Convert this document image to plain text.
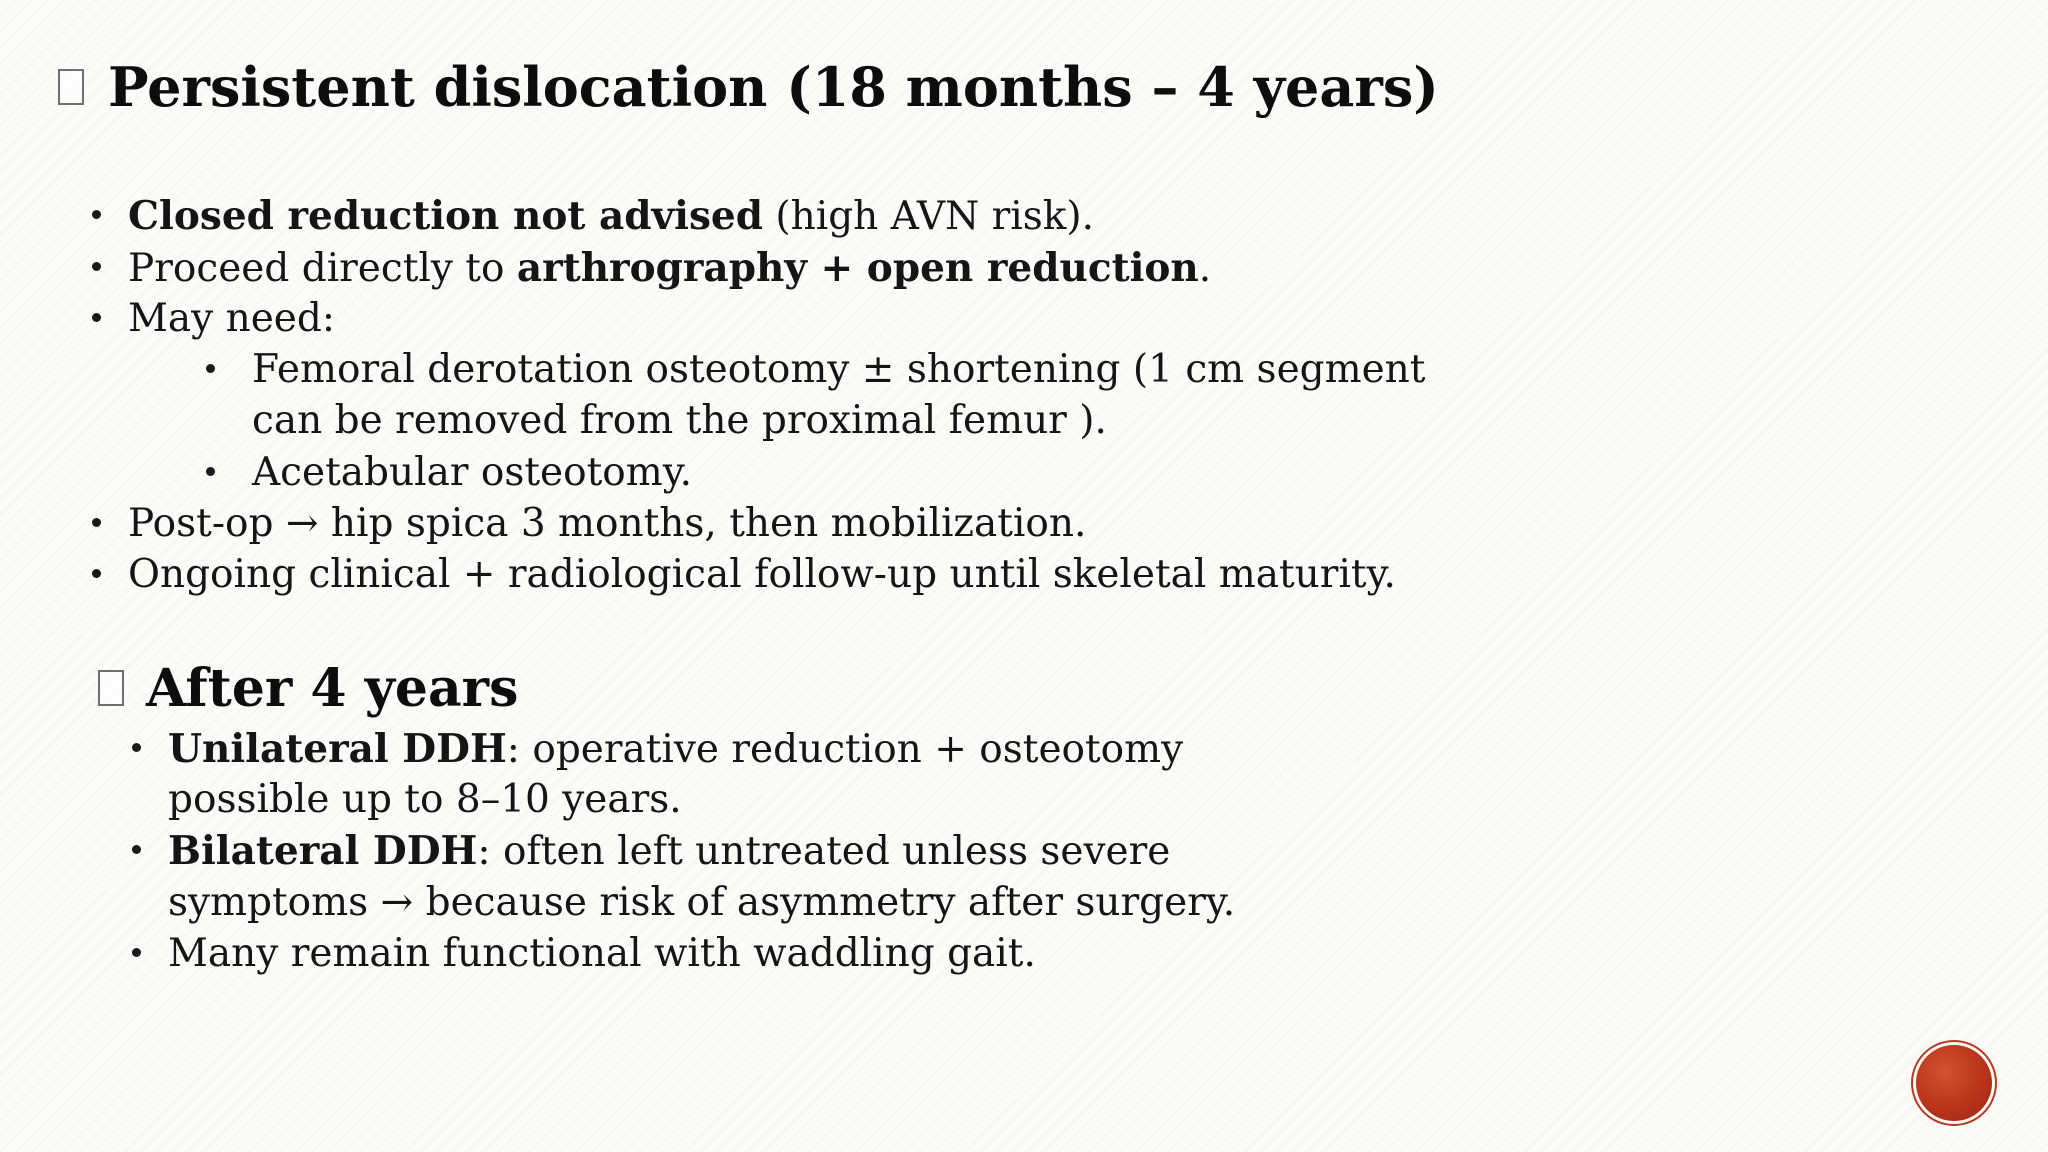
Persistent dislocation (18 months – 4 years)
Closed reduction not advised (high AVN risk).
Proceed directly to arthrography + open reduction.
May need:
Femoral derotation osteotomy ± shortening (1 cm segment
can be removed from the proximal femur ).
Acetabular osteotomy.
Post-op → hip spica 3 months, then mobilization.
Ongoing clinical + radiological follow-up until skeletal maturity.
After 4 years
Unilateral DDH: operative reduction + osteotomy
possible up to 8–10 years.
Bilateral DDH: often left untreated unless severe
symptoms → because risk of asymmetry after surgery.
Many remain functional with waddling gait.
